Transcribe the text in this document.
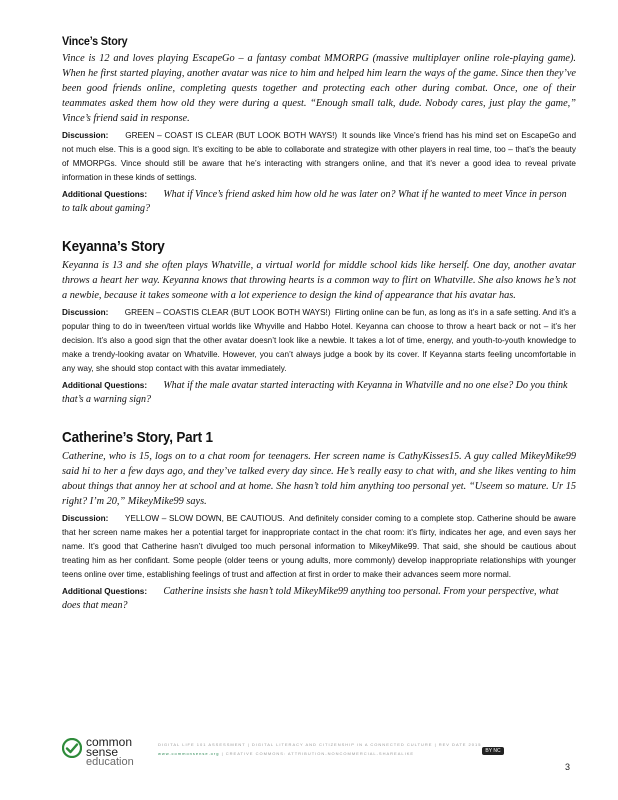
Vince’s Story

Vince is 12 and loves playing EscapeGo – a fantasy combat MMORPG (massive multiplayer online role-playing game). When he first started playing, another avatar was nice to him and helped him learn the ways of the game. Since then they’ve been good friends online, completing quests together and protecting each other during combat. Once, one of their teammates asked them how old they were during a quest. “Enough small talk, dude. Nobody cares, just play the game,” Vince’s friend said in response.

Discussion: GREEN – COAST IS CLEAR (BUT LOOK BOTH WAYS!) It sounds like Vince’s friend has his mind set on EscapeGo and not much else. This is a good sign. It’s exciting to be able to collaborate and strategize with other players in real time, too – that’s the beauty of MMORPGs. Vince should still be aware that he’s interacting with strangers online, and that it’s never a good idea to reveal private information in these kinds of settings.

Additional Questions: What if Vince’s friend asked him how old he was later on? What if he wanted to meet Vince in person to talk about gaming?

Keyanna’s Story

Keyanna is 13 and she often plays Whatville, a virtual world for middle school kids like herself. One day, another avatar throws a heart her way. Keyanna knows that throwing hearts is a common way to flirt on Whatville. She also knows he’s not a newbie, because it takes someone with a lot experience to design the kind of appearance that his avatar has.

Discussion: GREEN – COASTIS CLEAR (BUT LOOK BOTH WAYS!) Flirting online can be fun, as long as it’s in a safe setting. And it’s a popular thing to do in tween/teen virtual worlds like Whyville and Habbo Hotel. Keyanna can choose to throw a heart back or not – it’s her decision. It’s also a good sign that the other avatar doesn’t look like a newbie. It takes a lot of time, energy, and youth-to-youth knowledge to make a trendy-looking avatar on Whatville. However, you can’t always judge a book by its cover. If Keyanna starts feeling uncomfortable in any way, she should stop contact with this avatar immediately.

Additional Questions: What if the male avatar started interacting with Keyanna in Whatville and no one else? Do you think that’s a warning sign?

Catherine’s Story, Part 1

Catherine, who is 15, logs on to a chat room for teenagers. Her screen name is CathyKisses15. A guy called MikeyMike99 said hi to her a few days ago, and they’ve talked every day since. He’s really easy to chat with, and she likes venting to him about things that annoy her at school and at home. She hasn’t told him anything too personal yet. “Useem so mature. Ur 15 right? I’m 20,” MikeyMike99 says.

Discussion: YELLOW – SLOW DOWN, BE CAUTIOUS. And definitely consider coming to a complete stop. Catherine should be aware that her screen name makes her a potential target for inappropriate contact in the chat room: it’s flirty, indicates her age, and even says her name. It’s good that Catherine hasn’t divulged too much personal information to MikeyMike99. That said, she should be cautious about treating him as her confidant. Some people (older teens or young adults, more commonly) develop inappropriate relationships with younger teens online over time, establishing feelings of trust and affection at first in order to make their advances seem more normal.

Additional Questions: Catherine insists she hasn’t told MikeyMike99 anything too personal. From your perspective, what does that mean?

common
sense
education
DIGITAL LIFE 101 ASSESSMENT | DIGITAL LITERACY AND CITIZENSHIP IN A CONNECTED CULTURE | REV DATE 2015
www.commonsense.org | CREATIVE COMMONS: ATTRIBUTION-NONCOMMERCIAL-SHAREALIKE	BY NC SA
3
